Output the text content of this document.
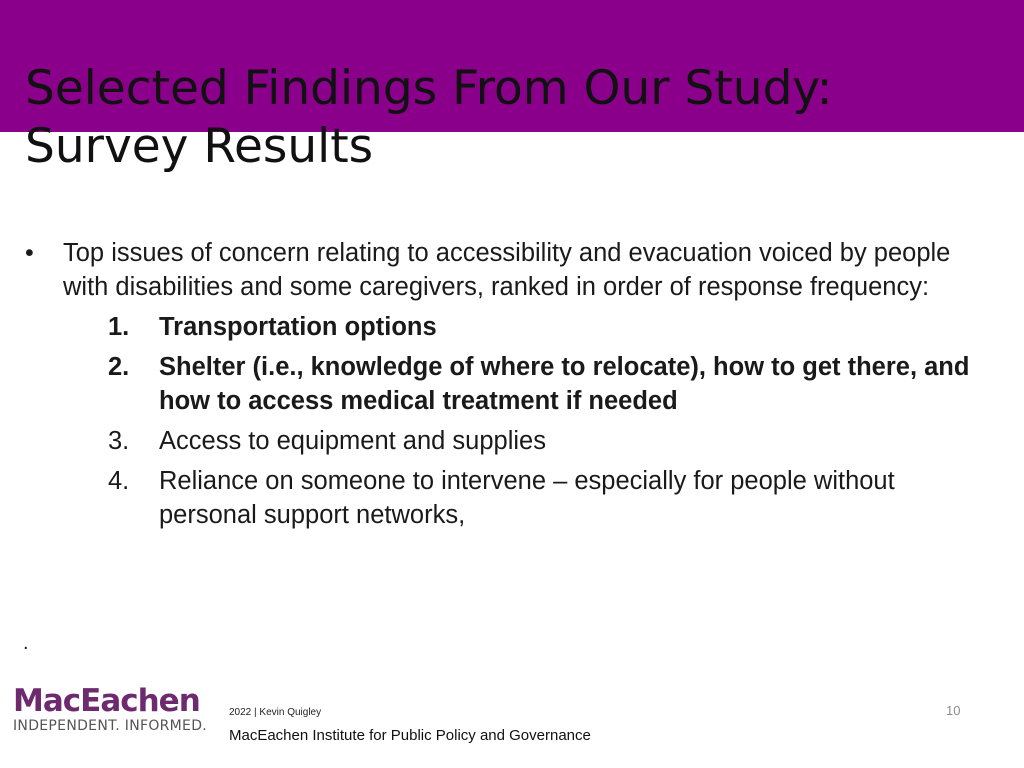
Selected Findings From Our Study:
Survey Results
• Top issues of concern relating to accessibility and evacuation voiced by people with disabilities and some caregivers, ranked in order of response frequency:
1. Transportation options
2. Shelter (i.e., knowledge of where to relocate), how to get there, and how to access medical treatment if needed
3. Access to equipment and supplies
4. Reliance on someone to intervene – especially for people without personal support networks,
.
MacEachen
INDEPENDENT. INFORMED.
2022 | Kevin Quigley
MacEachen Institute for Public Policy and Governance
10
